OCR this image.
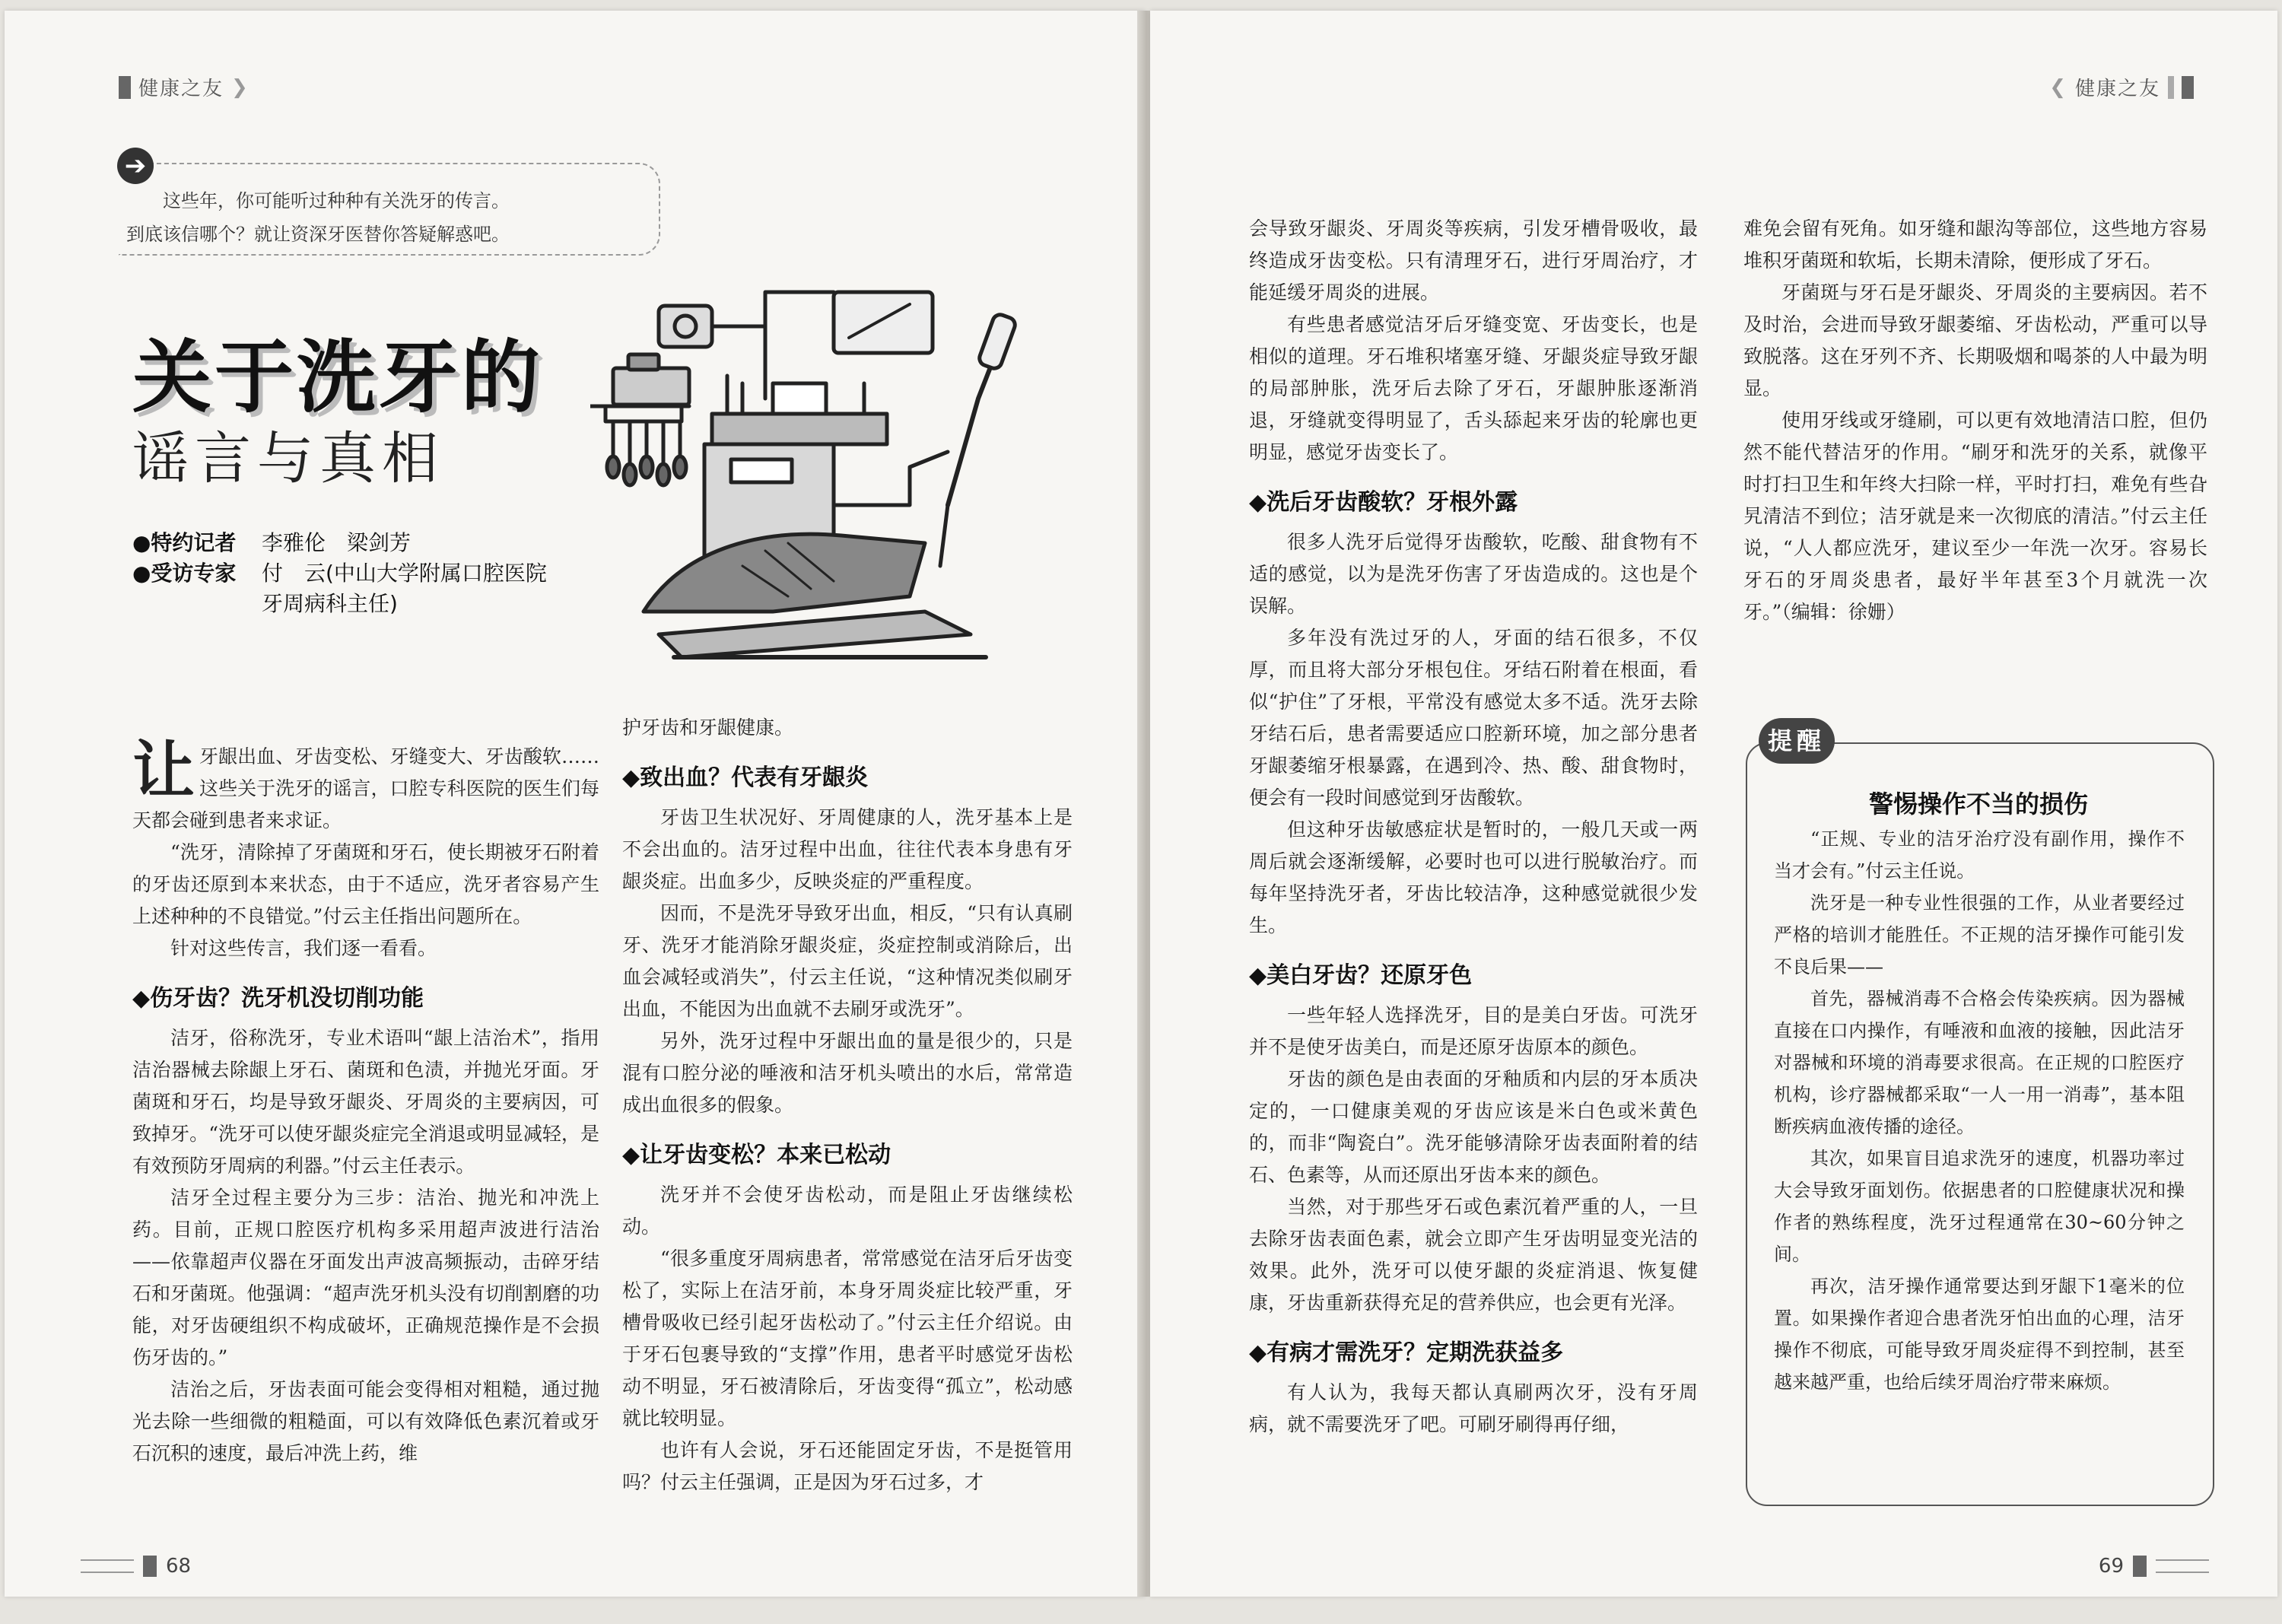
健康之友 ❯
➔

这些年，你可能听过种种有关洗牙的传言。

到底该信哪个？就让资深牙医替你答疑解惑吧。

关于洗牙的
谣言与真相
●特约记者	李雅伦　梁剑芳
●受访专家	付　云(中山大学附属口腔医院牙周病科主任)

让牙龈出血、牙齿变松、牙缝变大、牙齿酸软……这些关于洗牙的谣言，口腔专科医院的医生们每天都会碰到患者来求证。

“洗牙，清除掉了牙菌斑和牙石，使长期被牙石附着的牙齿还原到本来状态，由于不适应，洗牙者容易产生上述种种的不良错觉。”付云主任指出问题所在。

针对这些传言，我们逐一看看。

◆伤牙齿？洗牙机没切削功能

洁牙，俗称洗牙，专业术语叫“龈上洁治术”，指用洁治器械去除龈上牙石、菌斑和色渍，并抛光牙面。牙菌斑和牙石，均是导致牙龈炎、牙周炎的主要病因，可致掉牙。“洗牙可以使牙龈炎症完全消退或明显减轻，是有效预防牙周病的利器。”付云主任表示。

洁牙全过程主要分为三步：洁治、抛光和冲洗上药。目前，正规口腔医疗机构多采用超声波进行洁治——依靠超声仪器在牙面发出声波高频振动，击碎牙结石和牙菌斑。他强调：“超声洗牙机头没有切削割磨的功能，对牙齿硬组织不构成破坏，正确规范操作是不会损伤牙齿的。”

洁治之后，牙齿表面可能会变得相对粗糙，通过抛光去除一些细微的粗糙面，可以有效降低色素沉着或牙石沉积的速度，最后冲洗上药，维

护牙齿和牙龈健康。

◆致出血？代表有牙龈炎

牙齿卫生状况好、牙周健康的人，洗牙基本上是不会出血的。洁牙过程中出血，往往代表本身患有牙龈炎症。出血多少，反映炎症的严重程度。

因而，不是洗牙导致牙出血，相反，“只有认真刷牙、洗牙才能消除牙龈炎症，炎症控制或消除后，出血会减轻或消失”，付云主任说，“这种情况类似刷牙出血，不能因为出血就不去刷牙或洗牙”。

另外，洗牙过程中牙龈出血的量是很少的，只是混有口腔分泌的唾液和洁牙机头喷出的水后，常常造成出血很多的假象。

◆让牙齿变松？本来已松动

洗牙并不会使牙齿松动，而是阻止牙齿继续松动。

“很多重度牙周病患者，常常感觉在洁牙后牙齿变松了，实际上在洁牙前，本身牙周炎症比较严重，牙槽骨吸收已经引起牙齿松动了。”付云主任介绍说。由于牙石包裹导致的“支撑”作用，患者平时感觉牙齿松动不明显，牙石被清除后，牙齿变得“孤立”，松动感就比较明显。

也许有人会说，牙石还能固定牙齿，不是挺管用吗？付云主任强调，正是因为牙石过多，才

68
❮ 健康之友

会导致牙龈炎、牙周炎等疾病，引发牙槽骨吸收，最终造成牙齿变松。只有清理牙石，进行牙周治疗，才能延缓牙周炎的进展。

有些患者感觉洁牙后牙缝变宽、牙齿变长，也是相似的道理。牙石堆积堵塞牙缝、牙龈炎症导致牙龈的局部肿胀，洗牙后去除了牙石，牙龈肿胀逐渐消退，牙缝就变得明显了，舌头舔起来牙齿的轮廓也更明显，感觉牙齿变长了。

◆洗后牙齿酸软？牙根外露

很多人洗牙后觉得牙齿酸软，吃酸、甜食物有不适的感觉，以为是洗牙伤害了牙齿造成的。这也是个误解。

多年没有洗过牙的人，牙面的结石很多，不仅厚，而且将大部分牙根包住。牙结石附着在根面，看似“护住”了牙根，平常没有感觉太多不适。洗牙去除牙结石后，患者需要适应口腔新环境，加之部分患者牙龈萎缩牙根暴露，在遇到冷、热、酸、甜食物时，便会有一段时间感觉到牙齿酸软。

但这种牙齿敏感症状是暂时的，一般几天或一两周后就会逐渐缓解，必要时也可以进行脱敏治疗。而每年坚持洗牙者，牙齿比较洁净，这种感觉就很少发生。

◆美白牙齿？还原牙色

一些年轻人选择洗牙，目的是美白牙齿。可洗牙并不是使牙齿美白，而是还原牙齿原本的颜色。

牙齿的颜色是由表面的牙釉质和内层的牙本质决定的，一口健康美观的牙齿应该是米白色或米黄色的，而非“陶瓷白”。洗牙能够清除牙齿表面附着的结石、色素等，从而还原出牙齿本来的颜色。

当然，对于那些牙石或色素沉着严重的人，一旦去除牙齿表面色素，就会立即产生牙齿明显变光洁的效果。此外，洗牙可以使牙龈的炎症消退、恢复健康，牙齿重新获得充足的营养供应，也会更有光泽。

◆有病才需洗牙？定期洗获益多

有人认为，我每天都认真刷两次牙，没有牙周病，就不需要洗牙了吧。可刷牙刷得再仔细，

难免会留有死角。如牙缝和龈沟等部位，这些地方容易堆积牙菌斑和软垢，长期未清除，便形成了牙石。

牙菌斑与牙石是牙龈炎、牙周炎的主要病因。若不及时治，会进而导致牙龈萎缩、牙齿松动，严重可以导致脱落。这在牙列不齐、长期吸烟和喝茶的人中最为明显。

使用牙线或牙缝刷，可以更有效地清洁口腔，但仍然不能代替洁牙的作用。“刷牙和洗牙的关系，就像平时打扫卫生和年终大扫除一样，平时打扫，难免有些旮旯清洁不到位；洁牙就是来一次彻底的清洁。”付云主任说，“人人都应洗牙，建议至少一年洗一次牙。容易长牙石的牙周炎患者，最好半年甚至3个月就洗一次牙。”（编辑：徐姗）

提醒
警惕操作不当的损伤

“正规、专业的洁牙治疗没有副作用，操作不当才会有。”付云主任说。

洗牙是一种专业性很强的工作，从业者要经过严格的培训才能胜任。不正规的洁牙操作可能引发不良后果——

首先，器械消毒不合格会传染疾病。因为器械直接在口内操作，有唾液和血液的接触，因此洁牙对器械和环境的消毒要求很高。在正规的口腔医疗机构，诊疗器械都采取“一人一用一消毒”，基本阻断疾病血液传播的途径。

其次，如果盲目追求洗牙的速度，机器功率过大会导致牙面划伤。依据患者的口腔健康状况和操作者的熟练程度，洗牙过程通常在30~60分钟之间。

再次，洁牙操作通常要达到牙龈下1毫米的位置。如果操作者迎合患者洗牙怕出血的心理，洁牙操作不彻底，可能导致牙周炎症得不到控制，甚至越来越严重，也给后续牙周治疗带来麻烦。

69
